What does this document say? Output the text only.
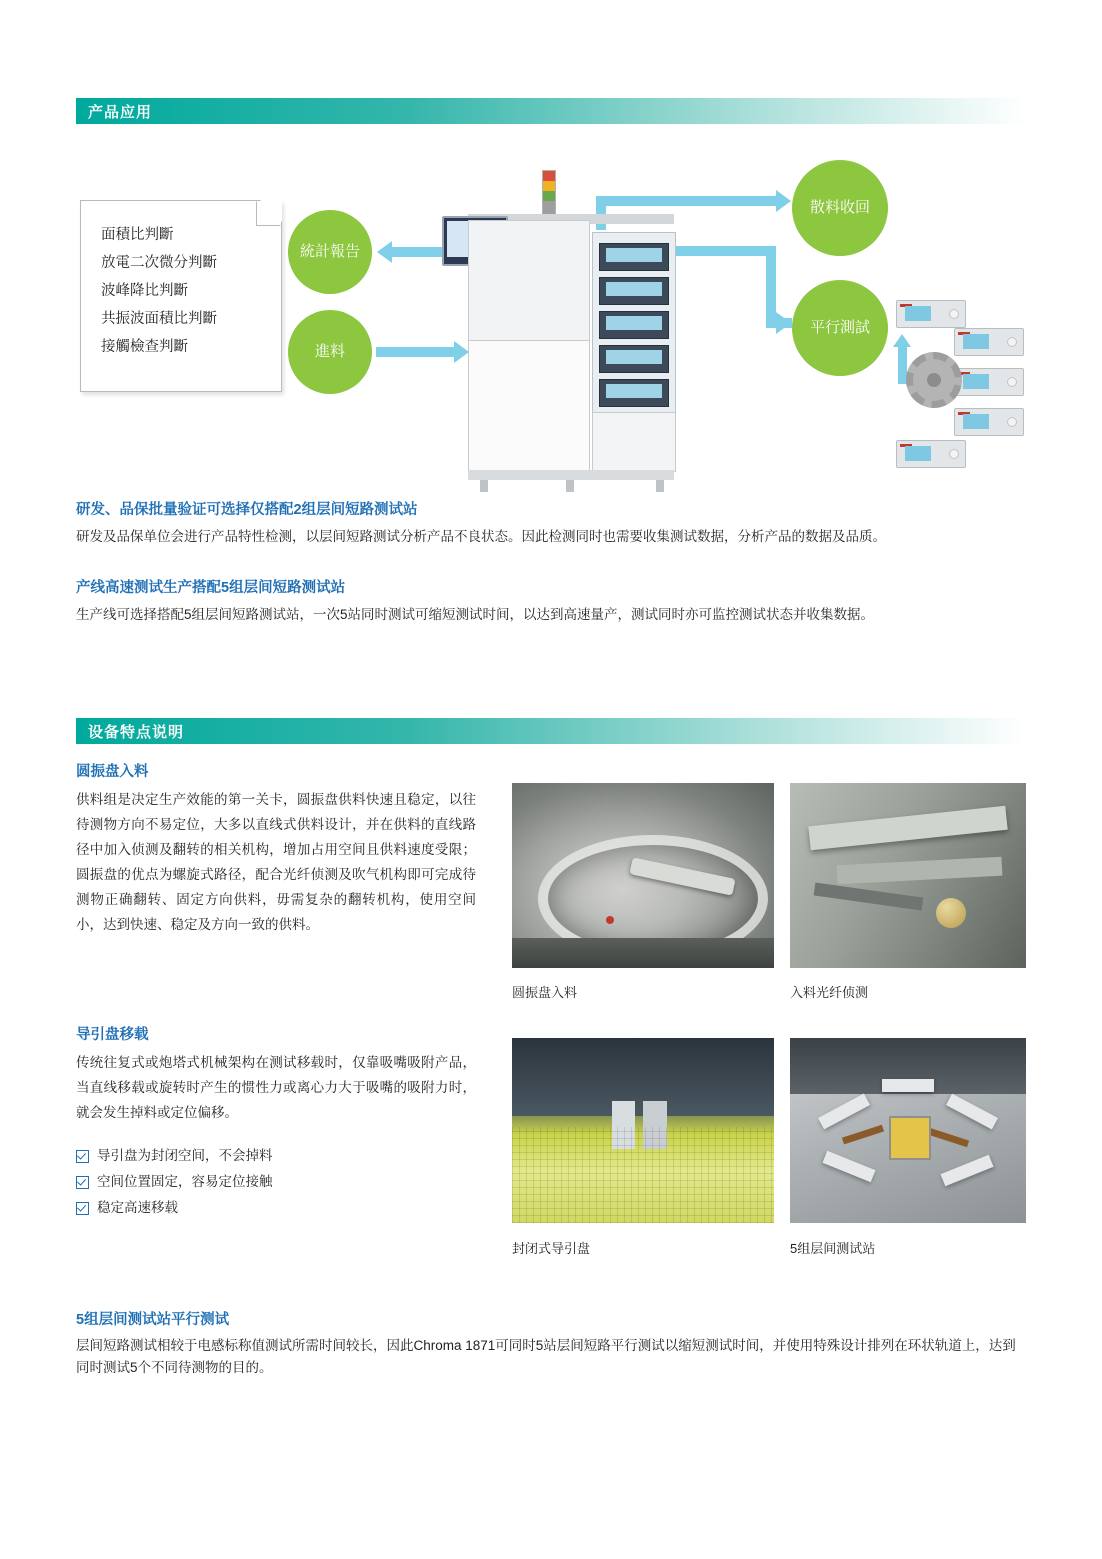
产品应用
面積比判斷
放電二次微分判斷
波峰降比判斷
共振波面積比判斷
接觸檢查判斷
統計報告
進料
散料收回
平行測試

研发、品保批量验证可选择仅搭配2组层间短路测试站

研发及品保单位会进行产品特性检测，以层间短路测试分析产品不良状态。因此检测同时也需要收集测试数据，分析产品的数据及品质。

产线高速测试生产搭配5组层间短路测试站

生产线可选择搭配5组层间短路测试站，一次5站同时测试可缩短测试时间，以达到高速量产，测试同时亦可监控测试状态并收集数据。

设备特点说明

圆振盘入料

供料组是决定生产效能的第一关卡，圆振盘供料快速且稳定，以往待测物方向不易定位，大多以直线式供料设计，并在供料的直线路径中加入侦测及翻转的相关机构，增加占用空间且供料速度受限；圆振盘的优点为螺旋式路径，配合光纤侦测及吹气机构即可完成待测物正确翻转、固定方向供料，毋需复杂的翻转机构，使用空间小，达到快速、稳定及方向一致的供料。

圆振盘入料	入料光纤侦测

导引盘移载

传统往复式或炮塔式机械架构在测试移载时，仅靠吸嘴吸附产品，当直线移载或旋转时产生的惯性力或离心力大于吸嘴的吸附力时，就会发生掉料或定位偏移。

导引盘为封闭空间，不会掉料
空间位置固定，容易定位接触
稳定高速移载
封闭式导引盘	5组层间测试站

5组层间测试站平行测试

层间短路测试相较于电感标称值测试所需时间较长，因此Chroma 1871可同时5站层间短路平行测试以缩短测试时间，并使用特殊设计排列在环状轨道上，达到同时测试5个不同待测物的目的。
